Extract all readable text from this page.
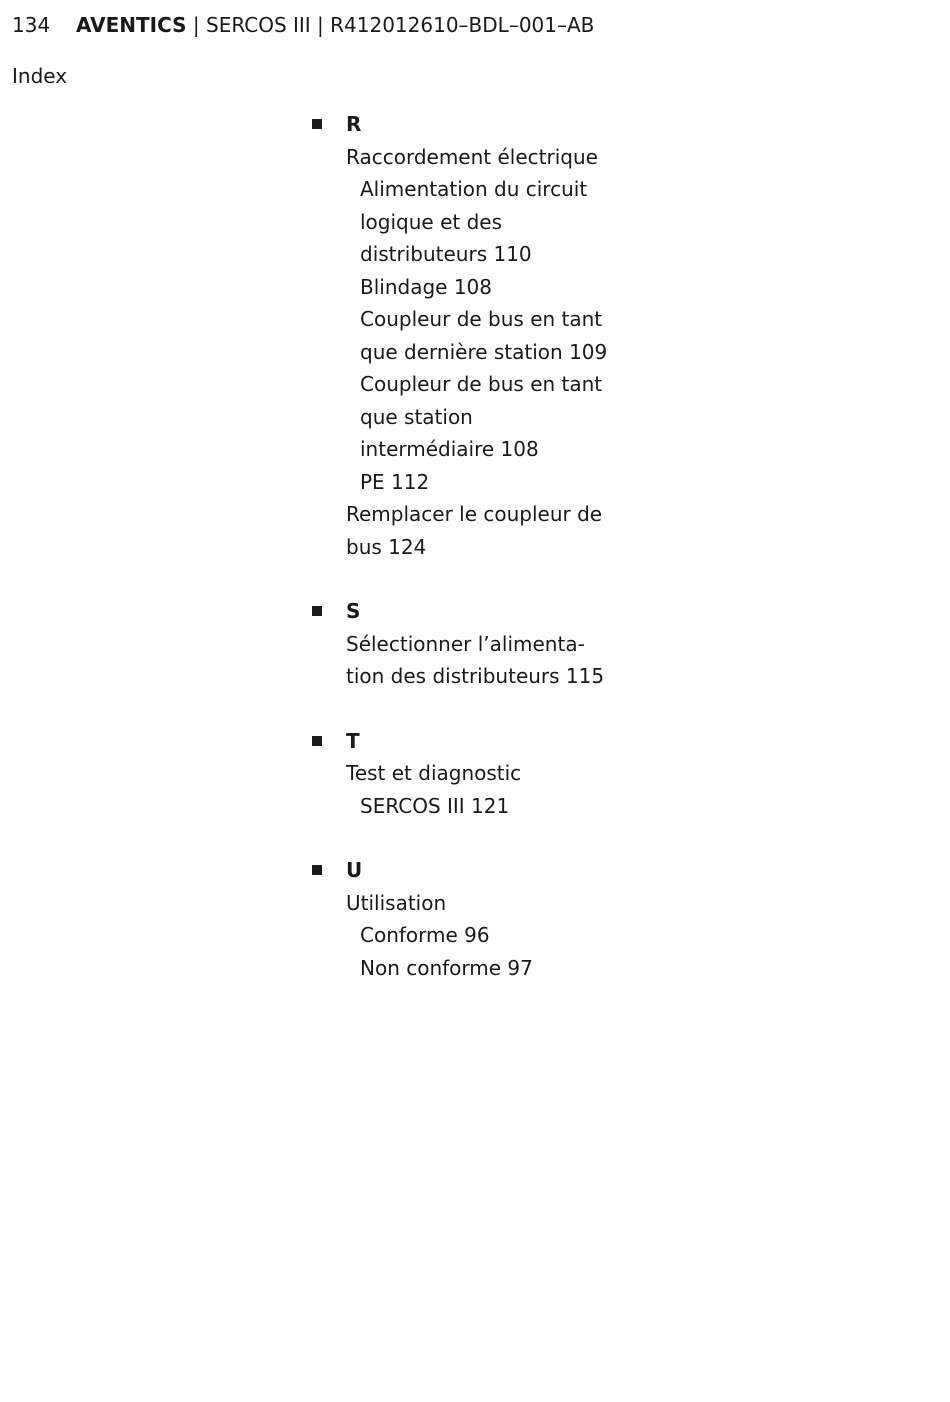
134 AVENTICS | SERCOS III | R412012610–BDL–001–AB
Index
R
Raccordement électrique
Alimentation du circuit
logique et des
distributeurs 110
Blindage 108
Coupleur de bus en tant
que dernière station 109
Coupleur de bus en tant
que station
intermédiaire 108
PE 112
Remplacer le coupleur de
bus 124
S
Sélectionner l’alimenta-
tion des distributeurs 115
T
Test et diagnostic
SERCOS III 121
U
Utilisation
Conforme 96
Non conforme 97
